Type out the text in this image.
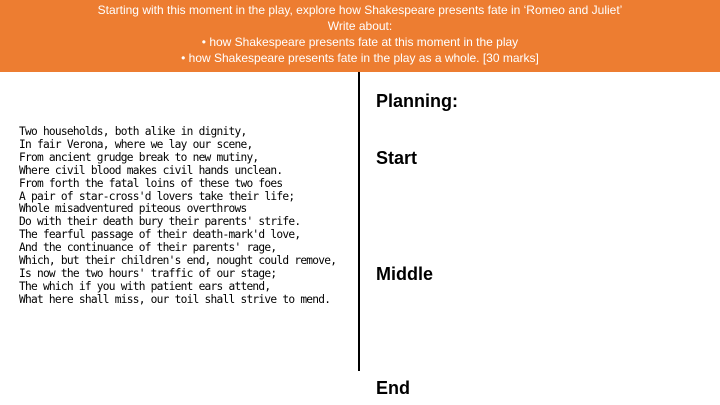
Starting with this moment in the play, explore how Shakespeare presents fate in ‘Romeo and Juliet’
Write about:
• how Shakespeare presents fate at this moment in the play
• how Shakespeare presents fate in the play as a whole. [30 marks]
Two households, both alike in dignity,
In fair Verona, where we lay our scene,
From ancient grudge break to new mutiny,
Where civil blood makes civil hands unclean.
From forth the fatal loins of these two foes
A pair of star-cross'd lovers take their life;
Whole misadventured piteous overthrows
Do with their death bury their parents' strife.
The fearful passage of their death-mark'd love,
And the continuance of their parents' rage,
Which, but their children's end, nought could remove,
Is now the two hours' traffic of our stage;
The which if you with patient ears attend,
What here shall miss, our toil shall strive to mend.
Planning:
Start
Middle
End
